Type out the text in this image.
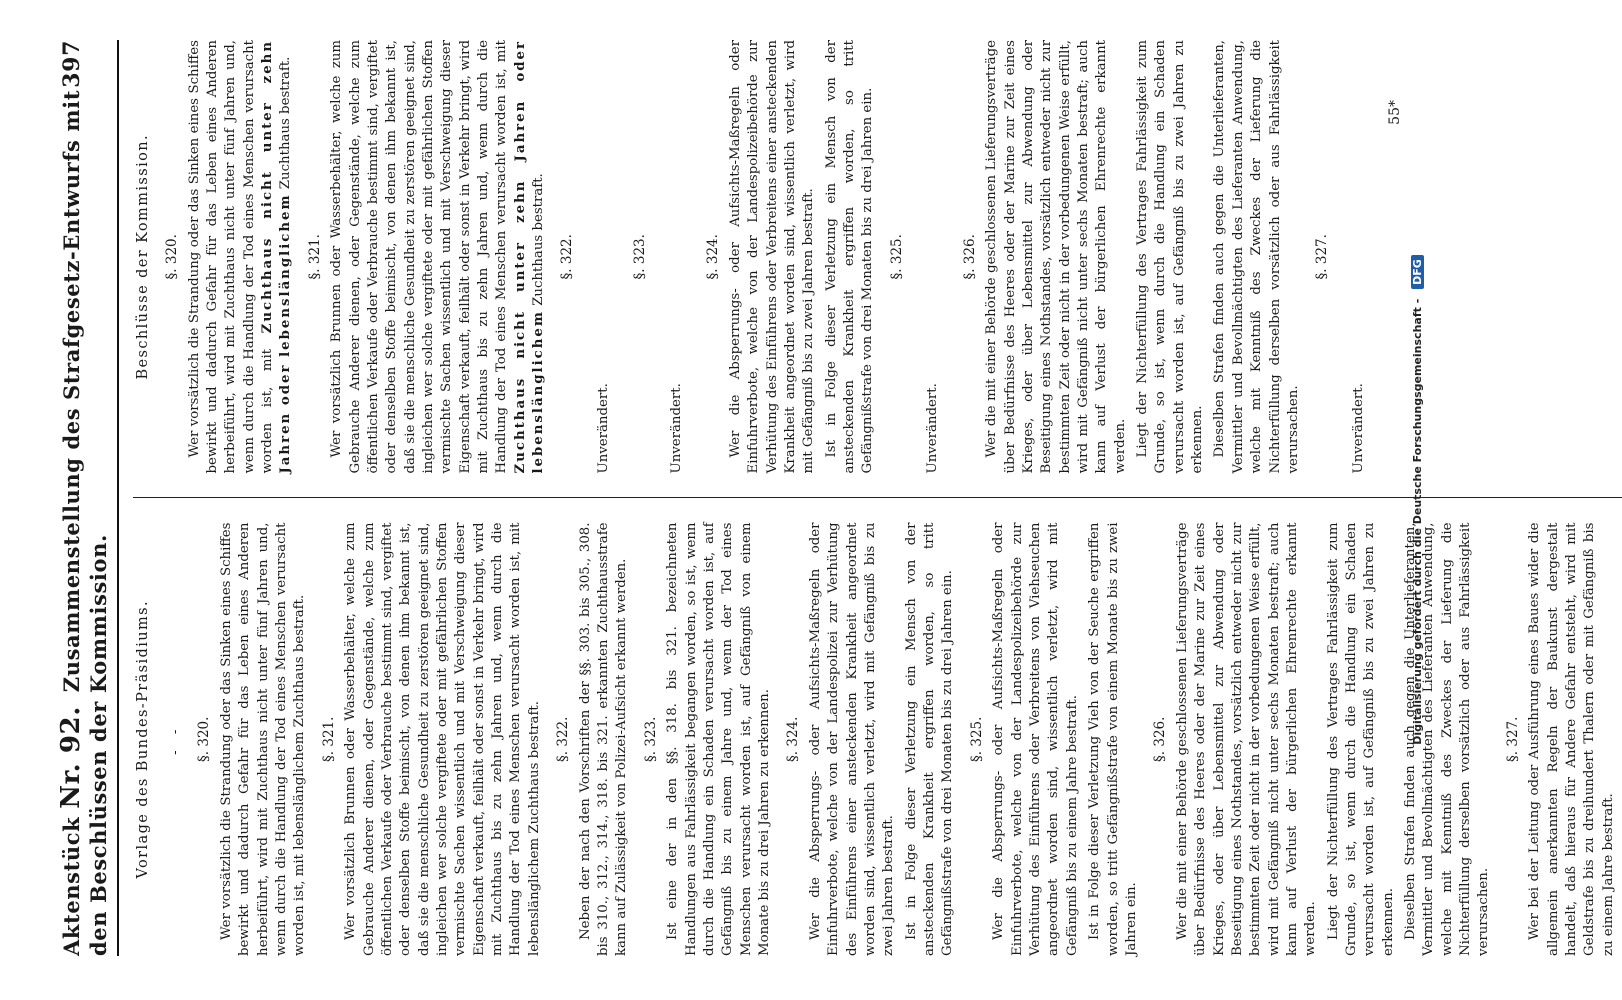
Aktenstück Nr. 92. Zusammenstellung des Strafgesetz-Entwurfs mit den Beschlüssen der Kommission.
397
Vorlage des Bundes-Präsidiums. - - §. 320. Wer vorsätzlich die Strandung oder das Sinken eines Schiffes bewirkt und dadurch Gefahr für das Leben eines Anderen herbeiführt, wird mit Zuchthaus nicht unter fünf Jahren und, wenn durch die Handlung der Tod eines Menschen verursacht worden ist, mit lebenslänglichem Zuchthaus bestraft. §. 321. Wer vorsätzlich Brunnen oder Wasserbehälter, welche zum Gebrauche Anderer dienen, oder Gegenstände, welche zum öffentlichen Verkaufe oder Verbrauche bestimmt sind, vergiftet oder denselben Stoffe beimischt, von denen ihm bekannt ist, daß sie die menschliche Gesundheit zu zerstören geeignet sind, ingleichen wer solche vergiftete oder mit gefährlichen Stoffen vermischte Sachen wissentlich und mit Verschweigung dieser Eigenschaft verkauft, feilhält oder sonst in Verkehr bringt, wird mit Zuchthaus bis zu zehn Jahren und, wenn durch die Handlung der Tod eines Menschen verursacht worden ist, mit lebenslänglichem Zuchthaus bestraft. §. 322. Neben der nach den Vorschriften der §§. 303. bis 305., 308. bis 310., 312., 314., 318. bis 321. erkannten Zuchthausstrafe kann auf Zulässigkeit von Polizei-Aufsicht erkannt werden. §. 323. Ist eine der in den §§. 318. bis 321. bezeichneten Handlungen aus Fahrlässigkeit begangen worden, so ist, wenn durch die Handlung ein Schaden verursacht worden ist, auf Gefängniß bis zu einem Jahre und, wenn der Tod eines Menschen verursacht worden ist, auf Gefängniß von einem Monate bis zu drei Jahren zu erkennen. §. 324. Wer die Absperrungs- oder Aufsichts-Maßregeln oder Einfuhrverbote, welche von der Landespolizei zur Verhütung des Einführens einer ansteckenden Krankheit angeordnet worden sind, wissentlich verletzt, wird mit Gefängniß bis zu zwei Jahren bestraft. Ist in Folge dieser Verletzung ein Mensch von der ansteckenden Krankheit ergriffen worden, so tritt Gefängnißstrafe von drei Monaten bis zu drei Jahren ein. §. 325. Wer die Absperrungs- oder Aufsichts-Maßregeln oder Einfuhrverbote, welche von der Landespolizeibehörde zur Verhütung des Einführens oder Verbreitens von Viehseuchen angeordnet worden sind, wissentlich verletzt, wird mit Gefängniß bis zu einem Jahre bestraft. Ist in Folge dieser Verletzung Vieh von der Seuche ergriffen worden, so tritt Gefängnißstrafe von einem Monate bis zu zwei Jahren ein.

§. 326. Wer die mit einer Behörde geschlossenen Lieferungsverträge über Bedürfnisse des Heeres oder der Marine zur Zeit eines Krieges, oder über Lebensmittel zur Abwendung oder Beseitigung eines Nothstandes, vorsätzlich entweder nicht zur bestimmten Zeit oder nicht in der vorbedungenen Weise erfüllt, wird mit Gefängniß nicht unter sechs Monaten bestraft; auch kann auf Verlust der bürgerlichen Ehrenrechte erkannt werden. Liegt der Nichterfüllung des Vertrages Fahrlässigkeit zum Grunde, so ist, wenn durch die Handlung ein Schaden verursacht worden ist, auf Gefängniß bis zu zwei Jahren zu erkennen. Dieselben Strafen finden auch gegen die Unterlieferanten, Vermittler und Bevollmächtigten des Lieferanten Anwendung, welche mit Kenntniß des Zweckes der Lieferung die Nichterfüllung derselben vorsätzlich oder aus Fahrlässigkeit verursachen.

§. 327. Wer bei der Leitung oder Ausführung eines Baues wider die allgemein anerkannten Regeln der Baukunst dergestalt handelt, daß hieraus für Andere Gefahr entsteht, wird mit Geldstrafe bis zu dreihundert Thalern oder mit Gefängniß bis zu einem Jahre bestraft.

Beschlüsse der Kommission. §. 320. Wer vorsätzlich die Strandung oder das Sinken eines Schiffes bewirkt und dadurch Gefahr für das Leben eines Anderen herbeiführt, wird mit Zuchthaus nicht unter fünf Jahren und, wenn durch die Handlung der Tod eines Menschen verursacht worden ist, mit Zuchthaus nicht unter zehn Jahren oder lebenslänglichem Zuchthaus bestraft.

§. 321. Wer vorsätzlich Brunnen oder Wasserbehälter, welche zum Gebrauche Anderer dienen, oder Gegenstände, welche zum öffentlichen Verkaufe oder Verbrauche bestimmt sind, vergiftet oder denselben Stoffe beimischt, von denen ihm bekannt ist, daß sie die menschliche Gesundheit zu zerstören geeignet sind, ingleichen wer solche vergiftete oder mit gefährlichen Stoffen vermischte Sachen wissentlich und mit Verschweigung dieser Eigenschaft verkauft, feilhält oder sonst in Verkehr bringt, wird mit Zuchthaus bis zu zehn Jahren und, wenn durch die Handlung der Tod eines Menschen verursacht worden ist, mit Zuchthaus nicht unter zehn Jahren oder lebenslänglichem Zuchthaus bestraft. §. 322.

Unverändert.

§. 323.

Unverändert.

§. 324. Wer die Absperrungs- oder Aufsichts-Maßregeln oder Einfuhrverbote, welche von der Landespolizeibehörde zur Verhütung des Einführens oder Verbreitens einer ansteckenden Krankheit angeordnet worden sind, wissentlich verletzt, wird mit Gefängniß bis zu zwei Jahren bestraft. Ist in Folge dieser Verletzung ein Mensch von der ansteckenden Krankheit ergriffen worden, so tritt Gefängnißstrafe von drei Monaten bis zu drei Jahren ein. §. 325.

Unverändert.

§. 326. Wer die mit einer Behörde geschlossenen Lieferungsverträge über Bedürfnisse des Heeres oder der Marine zur Zeit eines Krieges, oder über Lebensmittel zur Abwendung oder Beseitigung eines Nothstandes, vorsätzlich entweder nicht zur bestimmten Zeit oder nicht in der vorbedungenen Weise erfüllt, wird mit Gefängniß nicht unter sechs Monaten bestraft; auch kann auf Verlust der bürgerlichen Ehrenrechte erkannt werden. Liegt der Nichterfüllung des Vertrages Fahrlässigkeit zum Grunde, so ist, wenn durch die Handlung ein Schaden verursacht worden ist, auf Gefängniß bis zu zwei Jahren zu erkennen. Dieselben Strafen finden auch gegen die Unterlieferanten, Vermittler und Bevollmächtigten des Lieferanten Anwendung, welche mit Kenntniß des Zweckes der Lieferung die Nichterfüllung derselben vorsätzlich oder aus Fahrlässigkeit verursachen.

§. 327.

Unverändert.

55*
Digitalisierung gefördert durch die Deutsche Forschungsgemeinschaft - DFG
